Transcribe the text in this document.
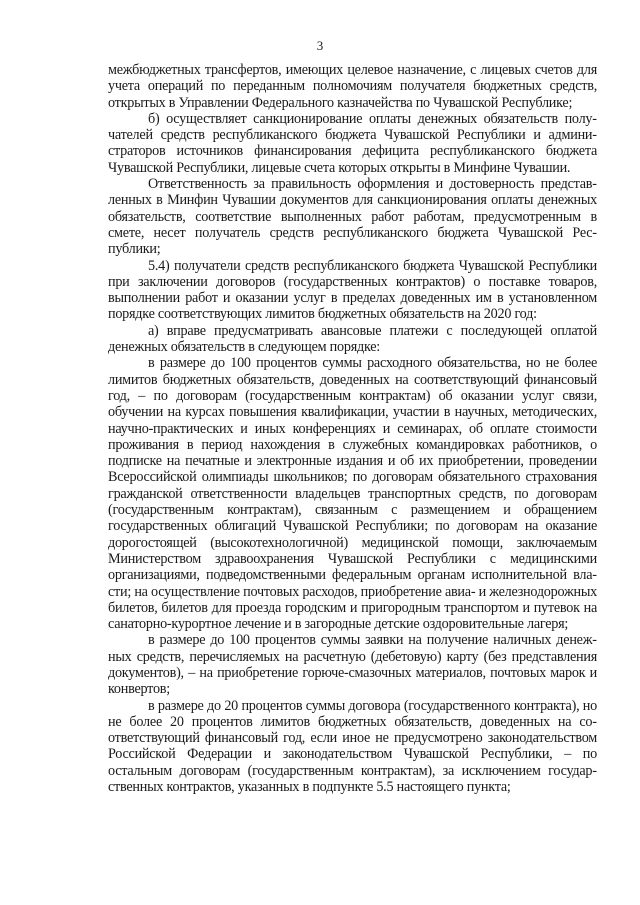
3

межбюджетных трансфертов, имеющих целевое назначение, с лицевых счетов для учета операций по переданным полномочиям получателя бюджетных средств, открытых в Управлении Федерального казначейства по Чувашской Республике;

б) осуществляет санкционирование оплаты денежных обязательств получателей средств республиканского бюджета Чувашской Республики и администраторов источников финансирования дефицита республиканского бюджета Чувашской Республики, лицевые счета которых открыты в Минфине Чувашии.

Ответственность за правильность оформления и достоверность представленных в Минфин Чувашии документов для санкционирования оплаты денежных обязательств, соответствие выполненных работ работам, предусмотренным в смете, несет получатель средств республиканского бюджета Чувашской Республики;

5.4) получатели средств республиканского бюджета Чувашской Республики при заключении договоров (государственных контрактов) о поставке товаров, выполнении работ и оказании услуг в пределах доведенных им в установленном порядке соответствующих лимитов бюджетных обязательств на 2020 год:

а) вправе предусматривать авансовые платежи с последующей оплатой денежных обязательств в следующем порядке:

в размере до 100 процентов суммы расходного обязательства, но не более лимитов бюджетных обязательств, доведенных на соответствующий финансовый год, – по договорам (государственным контрактам) об оказании услуг связи, обучении на курсах повышения квалификации, участии в научных, методических, научно-практических и иных конференциях и семинарах, об оплате стоимости проживания в период нахождения в служебных командировках работников, о подписке на печатные и электронные издания и об их приобретении, проведении Всероссийской олимпиады школьников; по договорам обязательного страхования гражданской ответственности владельцев транспортных средств, по договорам (государственным контрактам), связанным с размещением и обращением государственных облигаций Чувашской Республики; по договорам на оказание дорогостоящей (высокотехнологичной) медицинской помощи, заключаемым Министерством здравоохранения Чувашской Республики с медицинскими организациями, подведомственными федеральным органам исполнительной власти; на осуществление почтовых расходов, приобретение авиа- и железнодорожных билетов, билетов для проезда городским и пригородным транспортом и путевок на санаторно-курортное лечение и в загородные детские оздоровительные лагеря;

в размере до 100 процентов суммы заявки на получение наличных денежных средств, перечисляемых на расчетную (дебетовую) карту (без представления документов), – на приобретение горюче-смазочных материалов, почтовых марок и конвертов;

в размере до 20 процентов суммы договора (государственного контракта), но не более 20 процентов лимитов бюджетных обязательств, доведенных на соответствующий финансовый год, если иное не предусмотрено законодательством Российской Федерации и законодательством Чувашской Республики, – по остальным договорам (государственным контрактам), за исключением государственных контрактов, указанных в подпункте 5.5 настоящего пункта;
